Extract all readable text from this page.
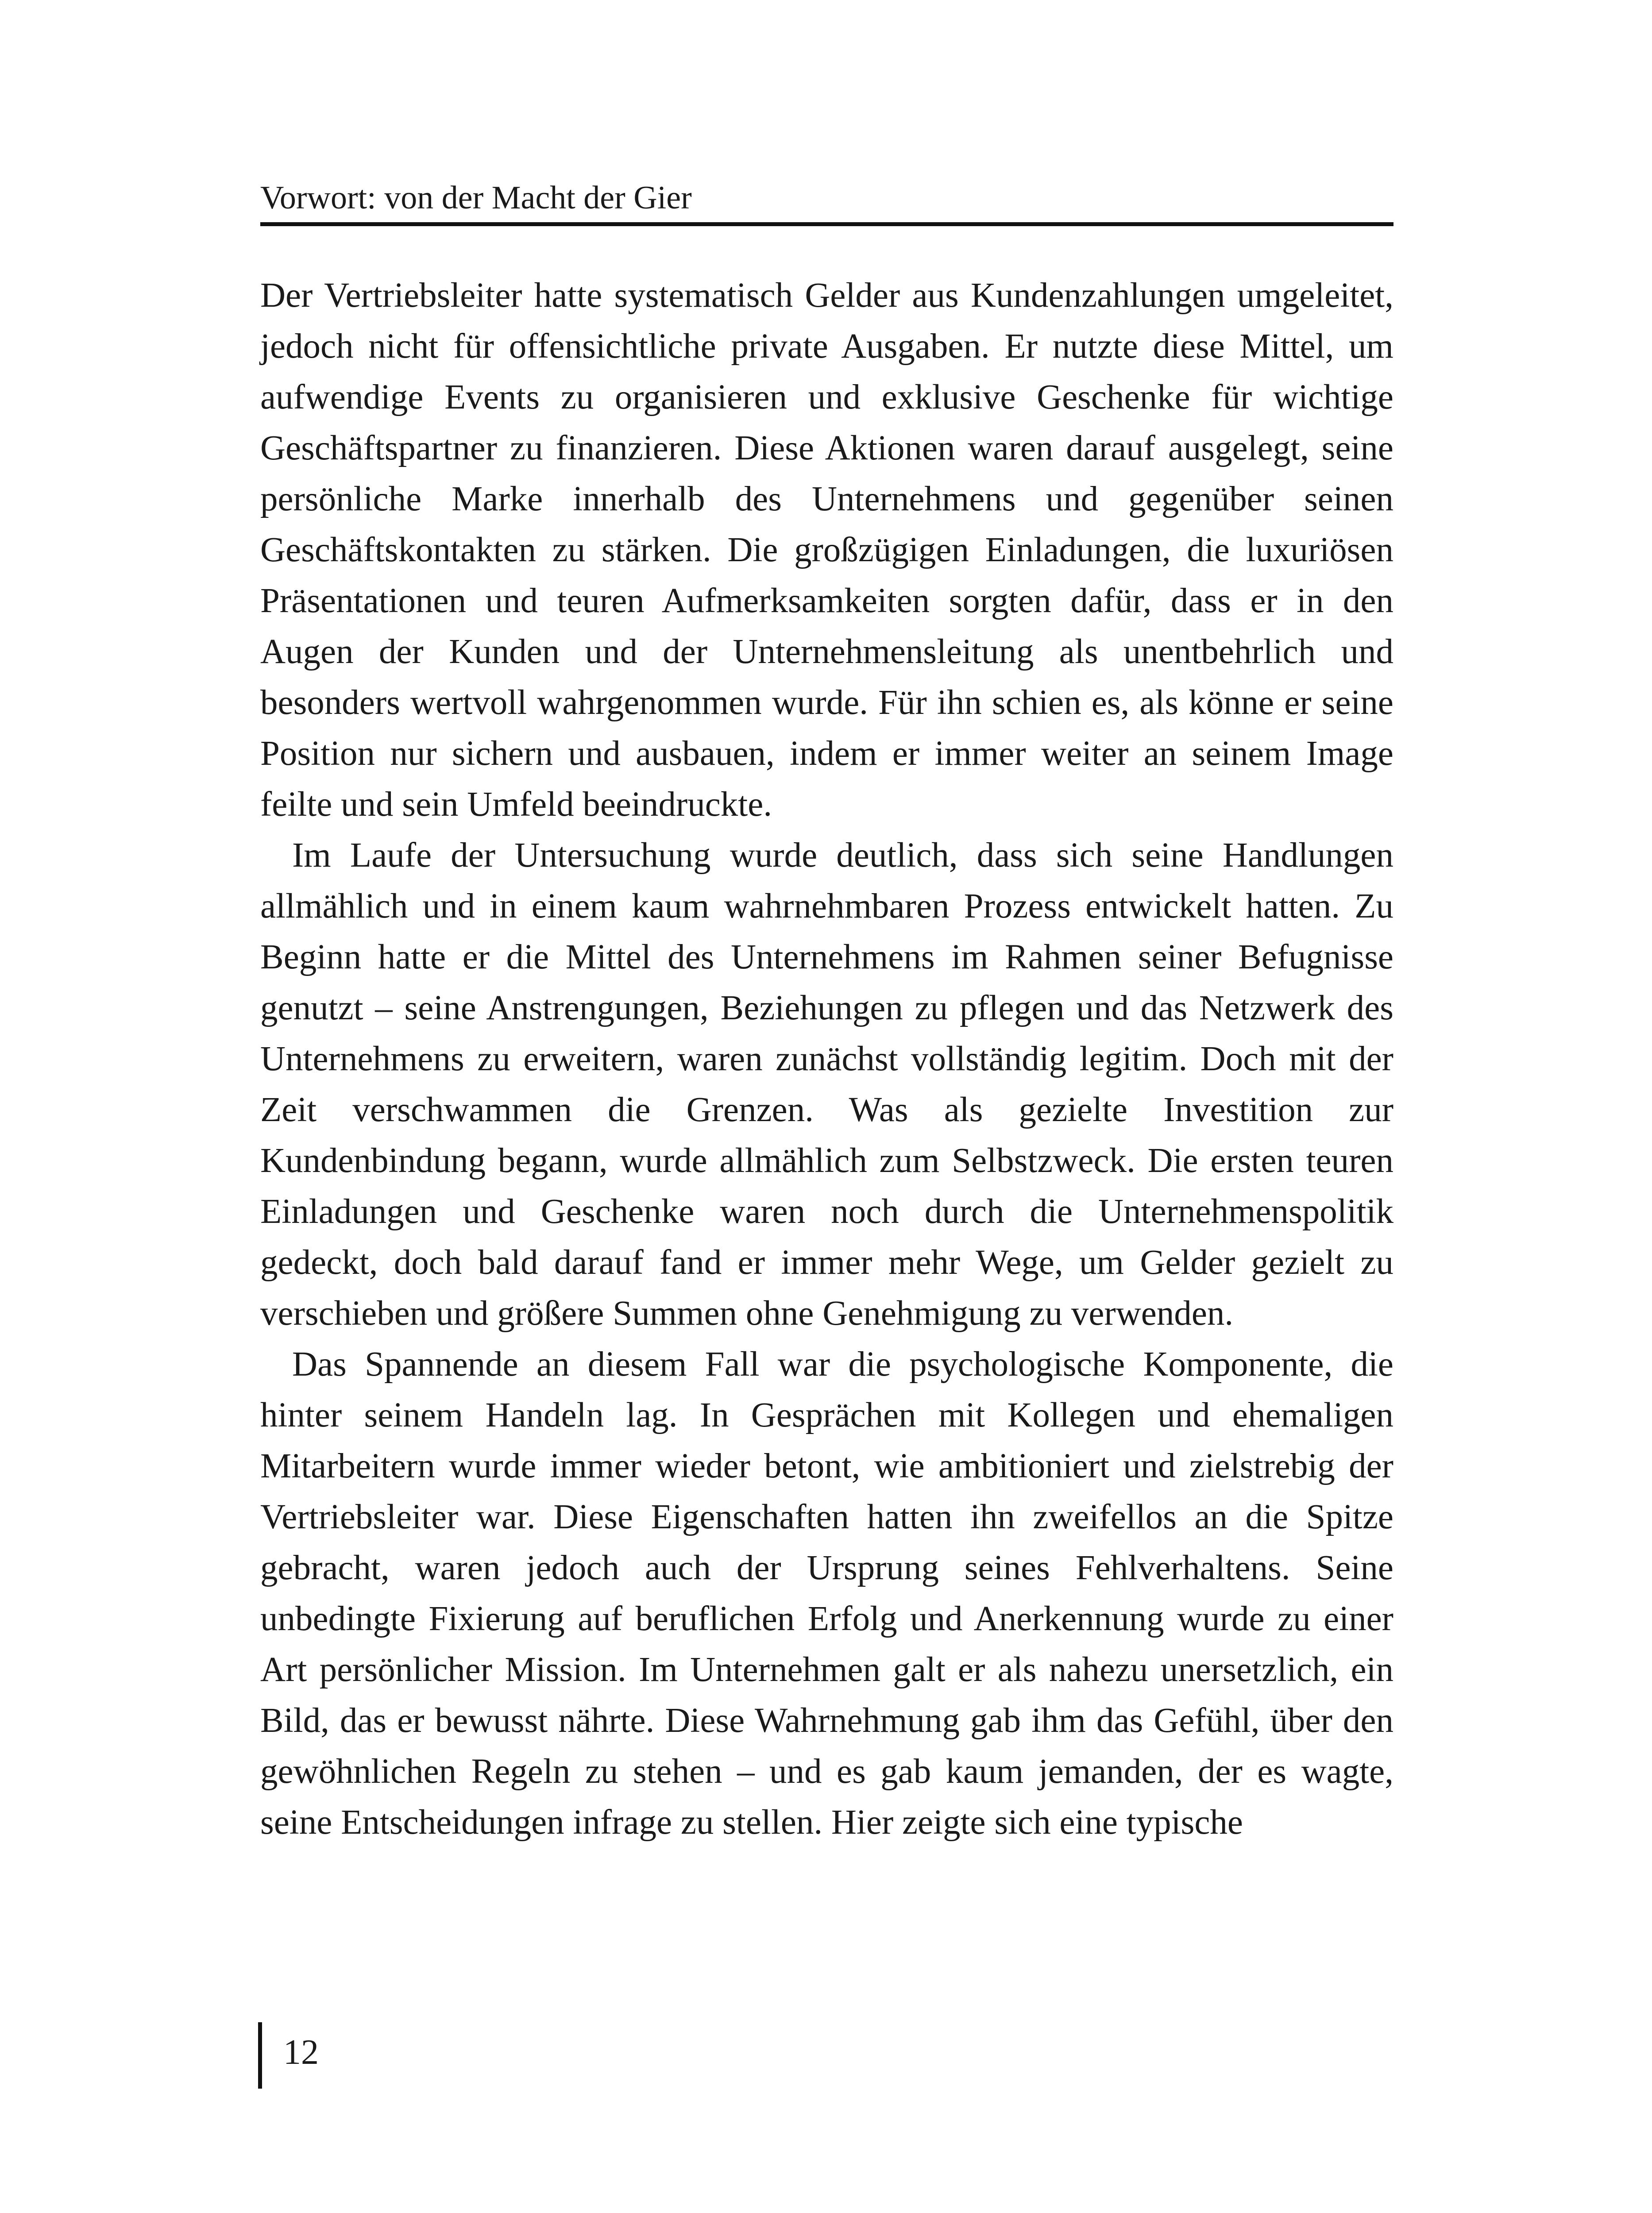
Vorwort: von der Macht der Gier

Der Vertriebsleiter hatte systematisch Gelder aus Kundenzahlungen umgeleitet, jedoch nicht für offensichtliche private Ausgaben. Er nutzte diese Mittel, um aufwendige Events zu organisieren und exklusive Geschenke für wichtige Geschäftspartner zu finanzieren. Diese Aktionen waren darauf ausgelegt, seine persönliche Marke innerhalb des Unternehmens und gegenüber seinen Geschäftskontakten zu stärken. Die großzügigen Einladungen, die luxuriösen Präsentationen und teuren Aufmerksamkeiten sorgten dafür, dass er in den Augen der Kunden und der Unternehmensleitung als unentbehrlich und besonders wertvoll wahrgenommen wurde. Für ihn schien es, als könne er seine Position nur sichern und ausbauen, indem er immer weiter an seinem Image feilte und sein Umfeld beeindruckte.

Im Laufe der Untersuchung wurde deutlich, dass sich seine Handlungen allmählich und in einem kaum wahrnehmbaren Prozess entwickelt hatten. Zu Beginn hatte er die Mittel des Unternehmens im Rahmen seiner Befugnisse genutzt – seine Anstrengungen, Beziehungen zu pflegen und das Netzwerk des Unternehmens zu erweitern, waren zunächst vollständig legitim. Doch mit der Zeit verschwammen die Grenzen. Was als gezielte Investition zur Kundenbindung begann, wurde allmählich zum Selbstzweck. Die ersten teuren Einladungen und Geschenke waren noch durch die Unternehmenspolitik gedeckt, doch bald darauf fand er immer mehr Wege, um Gelder gezielt zu verschieben und größere Summen ohne Genehmigung zu verwenden.

Das Spannende an diesem Fall war die psychologische Komponente, die hinter seinem Handeln lag. In Gesprächen mit Kollegen und ehemaligen Mitarbeitern wurde immer wieder betont, wie ambitioniert und zielstrebig der Vertriebsleiter war. Diese Eigenschaften hatten ihn zweifellos an die Spitze gebracht, waren jedoch auch der Ursprung seines Fehlverhaltens. Seine unbedingte Fixierung auf beruflichen Erfolg und Anerkennung wurde zu einer Art persönlicher Mission. Im Unternehmen galt er als nahezu unersetzlich, ein Bild, das er bewusst nährte. Diese Wahrnehmung gab ihm das Gefühl, über den gewöhnlichen Regeln zu stehen – und es gab kaum jemanden, der es wagte, seine Entscheidungen infrage zu stellen. Hier zeigte sich eine typische

12
